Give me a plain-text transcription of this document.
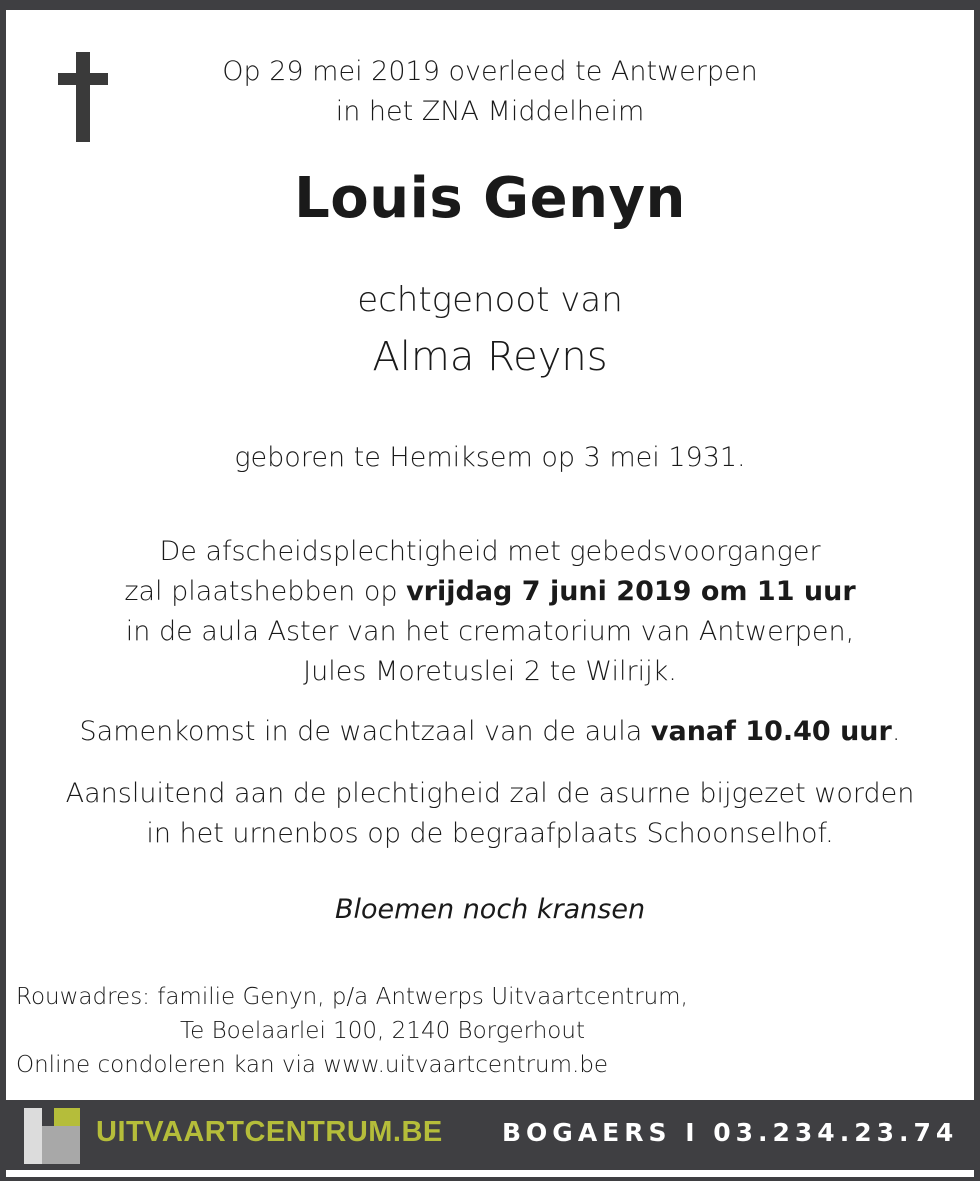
Op 29 mei 2019 overleed te Antwerpen
in het ZNA Middelheim
Louis Genyn
echtgenoot van
Alma Reyns
geboren te Hemiksem op 3 mei 1931.
De afscheidsplechtigheid met gebedsvoorganger
zal plaatshebben op vrijdag 7 juni 2019 om 11 uur
in de aula Aster van het crematorium van Antwerpen,
Jules Moretuslei 2 te Wilrijk.
Samenkomst in de wachtzaal van de aula vanaf 10.40 uur.
Aansluitend aan de plechtigheid zal de asurne bijgezet worden
in het urnenbos op de begraafplaats Schoonselhof.
Bloemen noch kransen
Rouwadres: familie Genyn, p/a Antwerps Uitvaartcentrum,
Te Boelaarlei 100, 2140 Borgerhout
Online condoleren kan via www.uitvaartcentrum.be
UITVAARTCENTRUM.BE BOGAERS I 03.234.23.74
